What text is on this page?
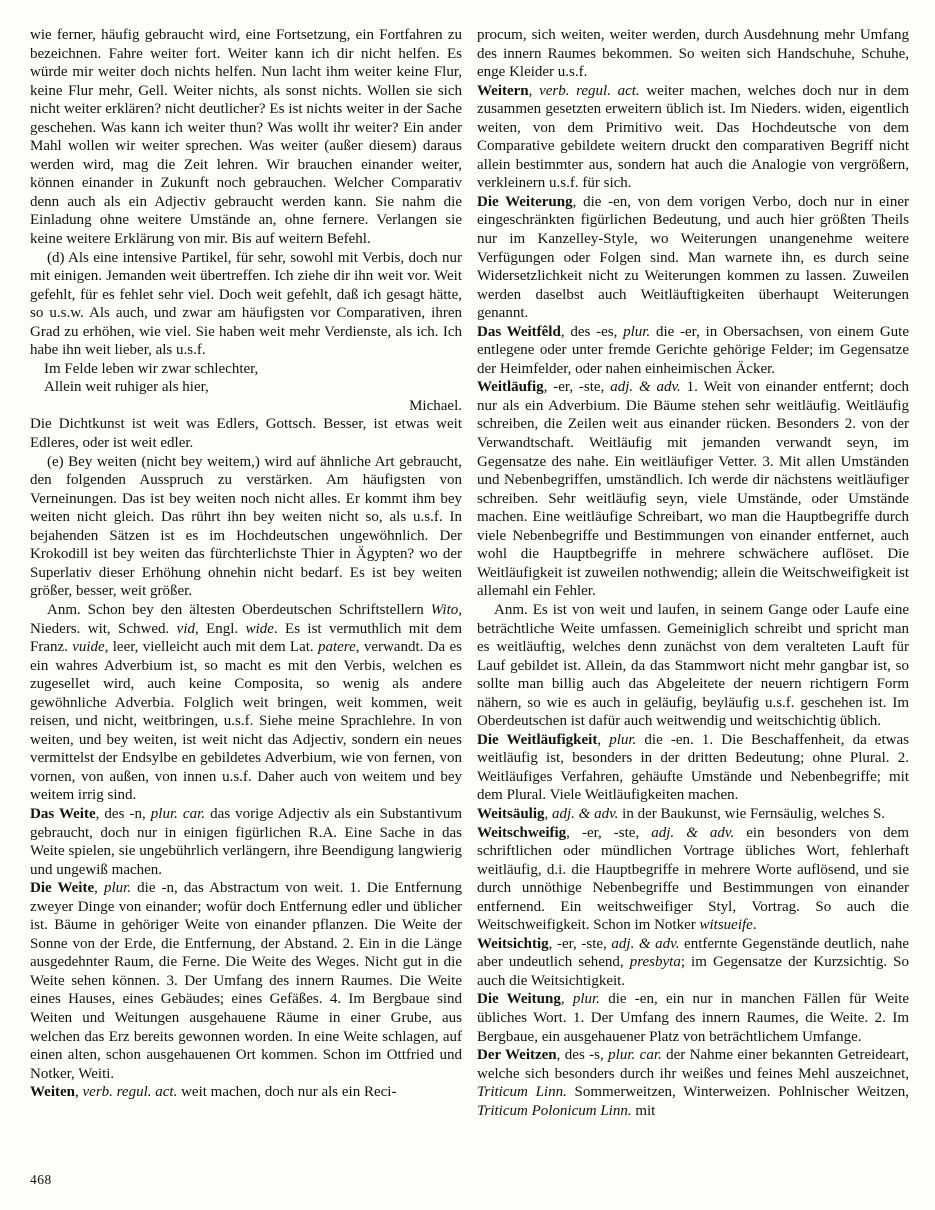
wie ferner, häufig gebraucht wird, eine Fortsetzung, ein Fortfahren zu bezeichnen. Fahre weiter fort. Weiter kann ich dir nicht helfen. Es würde mir weiter doch nichts helfen. Nun lacht ihm weiter keine Flur, keine Flur mehr, Gell. Weiter nichts, als sonst nichts. Wollen sie sich nicht weiter erklären? nicht deutlicher? Es ist nichts weiter in der Sache geschehen. Was kann ich weiter thun? Was wollt ihr weiter? Ein ander Mahl wollen wir weiter sprechen. Was weiter (außer diesem) daraus werden wird, mag die Zeit lehren. Wir brauchen einander weiter, können einander in Zukunft noch gebrauchen. Welcher Comparativ denn auch als ein Adjectiv gebraucht werden kann. Sie nahm die Einladung ohne weitere Umstände an, ohne fernere. Verlangen sie keine weitere Erklärung von mir. Bis auf weitern Befehl.

(d) Als eine intensive Partikel, für sehr, sowohl mit Verbis, doch nur mit einigen. Jemanden weit übertreffen. Ich ziehe dir ihn weit vor. Weit gefehlt, für es fehlet sehr viel. Doch weit gefehlt, daß ich gesagt hätte, so u.s.w. Als auch, und zwar am häufigsten vor Comparativen, ihren Grad zu erhöhen, wie viel. Sie haben weit mehr Verdienste, als ich. Ich habe ihn weit lieber, als u.s.f.

Im Felde leben wir zwar schlechter,

Allein weit ruhiger als hier,

Michael.

Die Dichtkunst ist weit was Edlers, Gottsch. Besser, ist etwas weit Edleres, oder ist weit edler.

(e) Bey weiten (nicht bey weitem,) wird auf ähnliche Art gebraucht, den folgenden Ausspruch zu verstärken. Am häufigsten von Verneinungen. Das ist bey weiten noch nicht alles. Er kommt ihm bey weiten nicht gleich. Das rührt ihn bey weiten nicht so, als u.s.f. In bejahenden Sätzen ist es im Hochdeutschen ungewöhnlich. Der Krokodill ist bey weiten das fürchterlichste Thier in Ägypten? wo der Superlativ dieser Erhöhung ohnehin nicht bedarf. Es ist bey weiten größer, besser, weit größer.

Anm. Schon bey den ältesten Oberdeutschen Schriftstellern Wito, Nieders. wit, Schwed. vid, Engl. wide. Es ist vermuthlich mit dem Franz. vuide, leer, vielleicht auch mit dem Lat. patere, verwandt. Da es ein wahres Adverbium ist, so macht es mit den Verbis, welchen es zugesellet wird, auch keine Composita, so wenig als andere gewöhnliche Adverbia. Folglich weit bringen, weit kommen, weit reisen, und nicht, weitbringen, u.s.f. Siehe meine Sprachlehre. In von weiten, und bey weiten, ist weit nicht das Adjectiv, sondern ein neues vermittelst der Endsylbe en gebildetes Adverbium, wie von fernen, von vornen, von außen, von innen u.s.f. Daher auch von weitem und bey weitem irrig sind.

Das Weite, des -n, plur. car. das vorige Adjectiv als ein Substantivum gebraucht, doch nur in einigen figürlichen R.A. Eine Sache in das Weite spielen, sie ungebührlich verlängern, ihre Beendigung langwierig und ungewiß machen.

Die Weite, plur. die -n, das Abstractum von weit. 1. Die Entfernung zweyer Dinge von einander; wofür doch Entfernung edler und üblicher ist. Bäume in gehöriger Weite von einander pflanzen. Die Weite der Sonne von der Erde, die Entfernung, der Abstand. 2. Ein in die Länge ausgedehnter Raum, die Ferne. Die Weite des Weges. Nicht gut in die Weite sehen können. 3. Der Umfang des innern Raumes. Die Weite eines Hauses, eines Gebäudes; eines Gefäßes. 4. Im Bergbaue sind Weiten und Weitungen ausgehauene Räume in einer Grube, aus welchen das Erz bereits gewonnen worden. In eine Weite schlagen, auf einen alten, schon ausgehauenen Ort kommen. Schon im Ottfried und Notker, Weiti.

Weiten, verb. regul. act. weit machen, doch nur als ein Reci-

procum, sich weiten, weiter werden, durch Ausdehnung mehr Umfang des innern Raumes bekommen. So weiten sich Handschuhe, Schuhe, enge Kleider u.s.f.

Weitern, verb. regul. act. weiter machen, welches doch nur in dem zusammen gesetzten erweitern üblich ist. Im Nieders. widen, eigentlich weiten, von dem Primitivo weit. Das Hochdeutsche von dem Comparative gebildete weitern druckt den comparativen Begriff nicht allein bestimmter aus, sondern hat auch die Analogie von vergrößern, verkleinern u.s.f. für sich.

Die Weiterung, die -en, von dem vorigen Verbo, doch nur in einer eingeschränkten figürlichen Bedeutung, und auch hier größten Theils nur im Kanzelley-Style, wo Weiterungen unangenehme weitere Verfügungen oder Folgen sind. Man warnete ihn, es durch seine Widersetzlichkeit nicht zu Weiterungen kommen zu lassen. Zuweilen werden daselbst auch Weitläuftigkeiten überhaupt Weiterungen genannt.

Das Weitfêld, des -es, plur. die -er, in Obersachsen, von einem Gute entlegene oder unter fremde Gerichte gehörige Felder; im Gegensatze der Heimfelder, oder nahen einheimischen Äcker.

Weitläufig, -er, -ste, adj. & adv. 1. Weit von einander entfernt; doch nur als ein Adverbium. Die Bäume stehen sehr weitläufig. Weitläufig schreiben, die Zeilen weit aus einander rücken. Besonders 2. von der Verwandtschaft. Weitläufig mit jemanden verwandt seyn, im Gegensatze des nahe. Ein weitläufiger Vetter. 3. Mit allen Umständen und Nebenbegriffen, umständlich. Ich werde dir nächstens weitläufiger schreiben. Sehr weitläufig seyn, viele Umstände, oder Umstände machen. Eine weitläufige Schreibart, wo man die Hauptbegriffe durch viele Nebenbegriffe und Bestimmungen von einander entfernet, auch wohl die Hauptbegriffe in mehrere schwächere auflöset. Die Weitläufigkeit ist zuweilen nothwendig; allein die Weitschweifigkeit ist allemahl ein Fehler.

Anm. Es ist von weit und laufen, in seinem Gange oder Laufe eine beträchtliche Weite umfassen. Gemeiniglich schreibt und spricht man es weitläuftig, welches denn zunächst von dem veralteten Lauft für Lauf gebildet ist. Allein, da das Stammwort nicht mehr gangbar ist, so sollte man billig auch das Abgeleitete der neuern richtigern Form nähern, so wie es auch in geläufig, beyläufig u.s.f. geschehen ist. Im Oberdeutschen ist dafür auch weitwendig und weitschichtig üblich.

Die Weitläufigkeit, plur. die -en. 1. Die Beschaffenheit, da etwas weitläufig ist, besonders in der dritten Bedeutung; ohne Plural. 2. Weitläufiges Verfahren, gehäufte Umstände und Nebenbegriffe; mit dem Plural. Viele Weitläufigkeiten machen.

Weitsäulig, adj. & adv. in der Baukunst, wie Fernsäulig, welches S.

Weitschweifig, -er, -ste, adj. & adv. ein besonders von dem schriftlichen oder mündlichen Vortrage übliches Wort, fehlerhaft weitläufig, d.i. die Hauptbegriffe in mehrere Worte auflösend, und sie durch unnöthige Nebenbegriffe und Bestimmungen von einander entfernend. Ein weitschweifiger Styl, Vortrag. So auch die Weitschweifigkeit. Schon im Notker witsueife.

Weitsichtig, -er, -ste, adj. & adv. entfernte Gegenstände deutlich, nahe aber undeutlich sehend, presbyta; im Gegensatze der Kurzsichtig. So auch die Weitsichtigkeit.

Die Weitung, plur. die -en, ein nur in manchen Fällen für Weite übliches Wort. 1. Der Umfang des innern Raumes, die Weite. 2. Im Bergbaue, ein ausgehauener Platz von beträchtlichem Umfange.

Der Weitzen, des -s, plur. car. der Nahme einer bekannten Getreideart, welche sich besonders durch ihr weißes und feines Mehl auszeichnet, Triticum Linn. Sommerweitzen, Winterweizen. Pohlnischer Weitzen, Triticum Polonicum Linn. mit

468
